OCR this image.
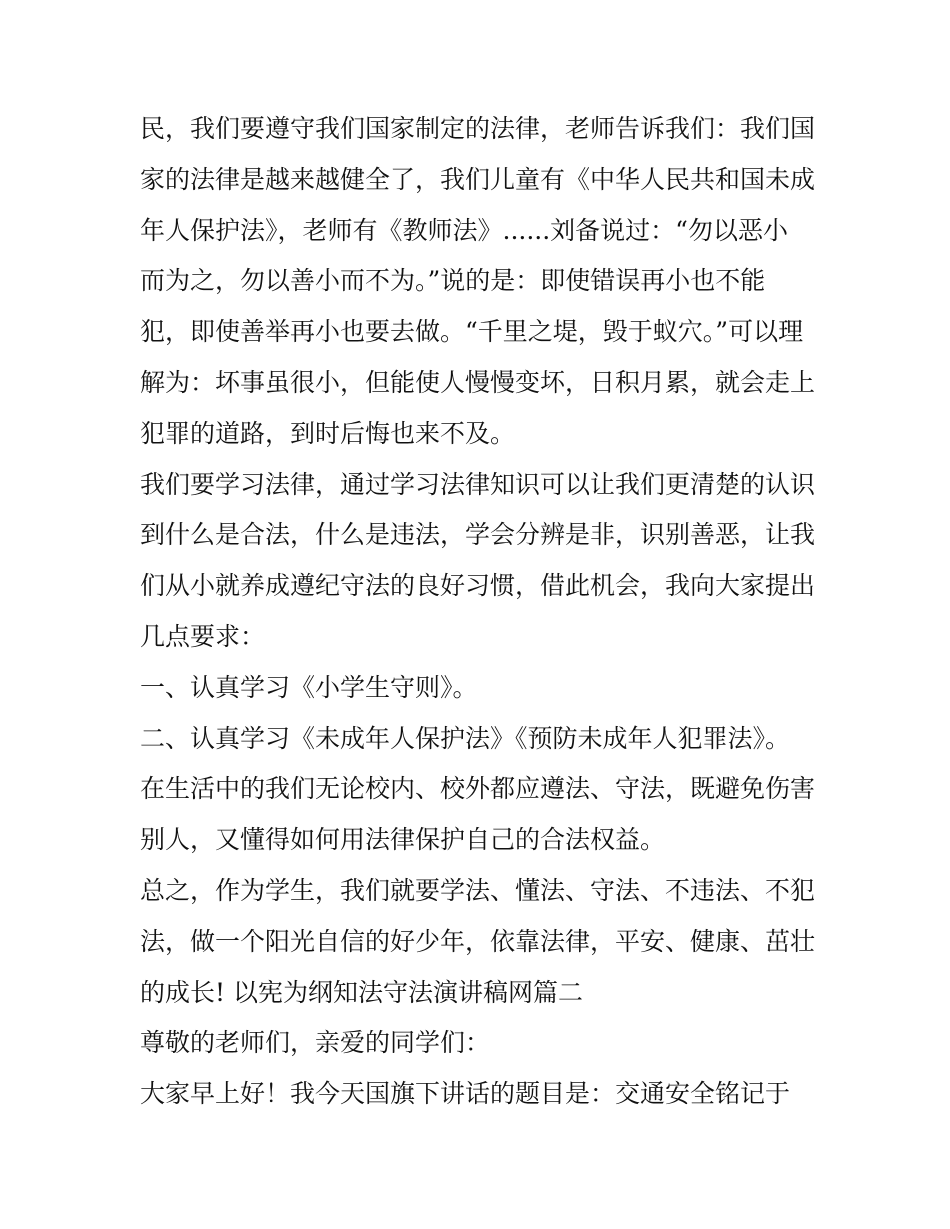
民，我们要遵守我们国家制定的法律，老师告诉我们：我们国
家的法律是越来越健全了，我们儿童有《中华人民共和国未成
年人保护法》，老师有《教师法》......刘备说过：“勿以恶小
而为之，勿以善小而不为。”说的是：即使错误再小也不能
犯，即使善举再小也要去做。“千里之堤，毁于蚁穴。”可以理
解为：坏事虽很小，但能使人慢慢变坏，日积月累，就会走上
犯罪的道路，到时后悔也来不及。
我们要学习法律，通过学习法律知识可以让我们更清楚的认识
到什么是合法，什么是违法，学会分辨是非，识别善恶，让我
们从小就养成遵纪守法的良好习惯，借此机会，我向大家提出
几点要求：
一、认真学习《小学生守则》。
二、认真学习《未成年人保护法》《预防未成年人犯罪法》。
在生活中的我们无论校内、校外都应遵法、守法，既避免伤害
别人，又懂得如何用法律保护自己的合法权益。
总之，作为学生，我们就要学法、懂法、守法、不违法、不犯
法，做一个阳光自信的好少年，依靠法律，平安、健康、茁壮
的成长! 以宪为纲知法守法演讲稿网篇二
尊敬的老师们，亲爱的同学们：
大家早上好！我今天国旗下讲话的题目是：交通安全铭记于
